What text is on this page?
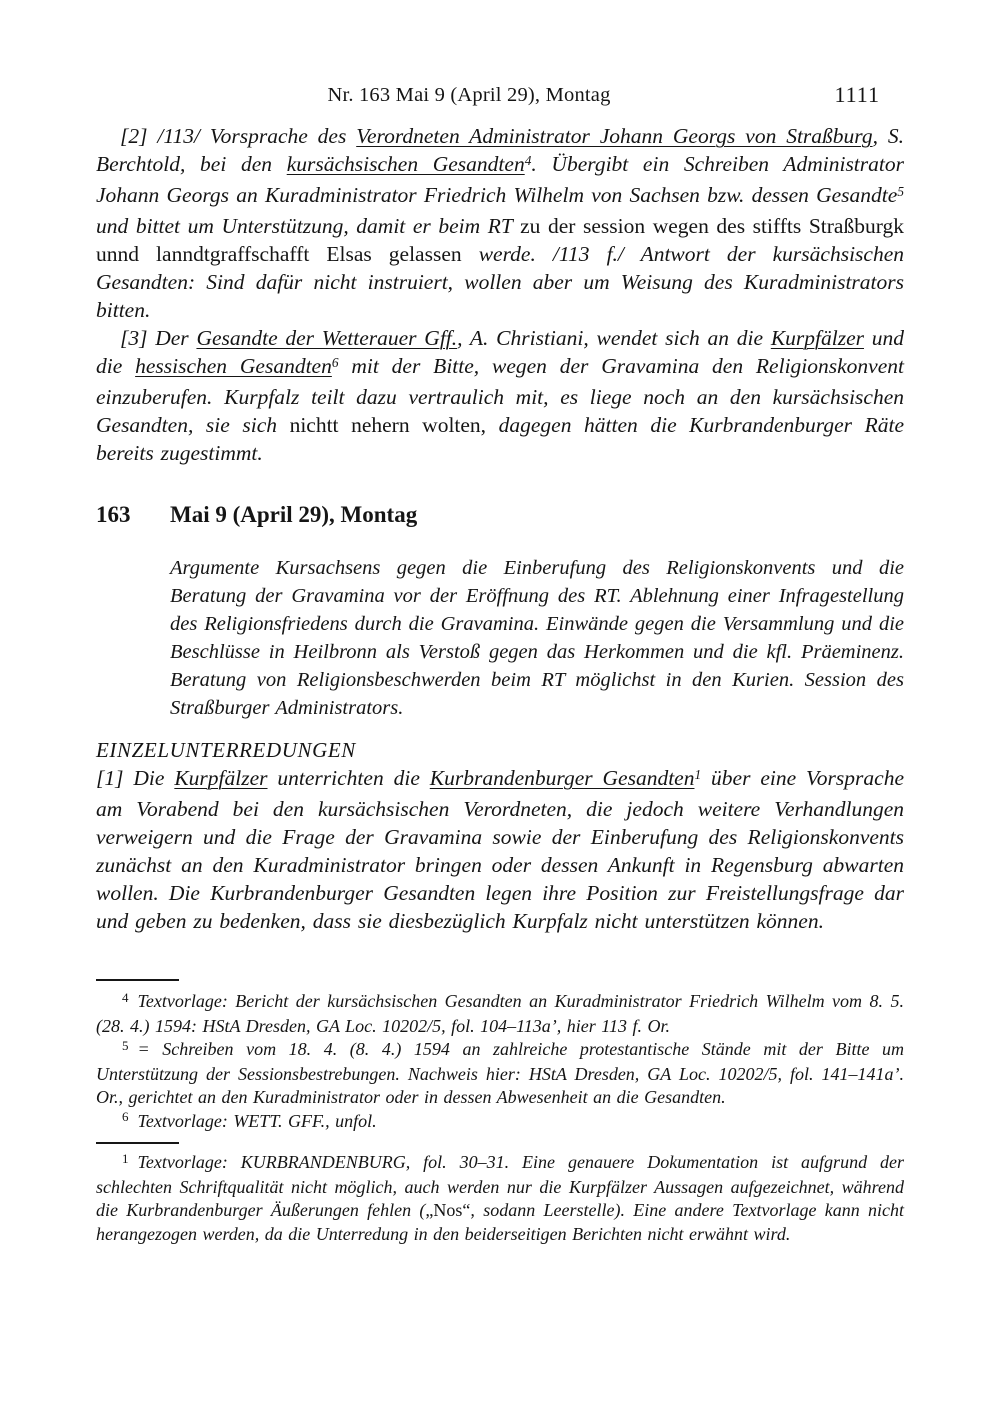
Nr. 163 Mai 9 (April 29), Montag	1111

[2] /113/ Vorsprache des Verordneten Administrator Johann Georgs von Straßburg, S. Berchtold, bei den kursächsischen Gesandten$^4$. Übergibt ein Schreiben Administrator Johann Georgs an Kuradministrator Friedrich Wilhelm von Sachsen bzw. dessen Gesandte$^5$ und bittet um Unterstützung, damit er beim RT zu der session wegen des stiffts Straßburgk unnd lanndtgraffschafft Elsas gelassen werde. /113 f./ Antwort der kursächsischen Gesandten: Sind dafür nicht instruiert, wollen aber um Weisung des Kuradministrators bitten.

[3] Der Gesandte der Wetterauer Gff., A. Christiani, wendet sich an die Kurpfälzer und die hessischen Gesandten$^6$ mit der Bitte, wegen der Gravamina den Religionskonvent einzuberufen. Kurpfalz teilt dazu vertraulich mit, es liege noch an den kursächsischen Gesandten, sie sich nichtt nehern wolten, dagegen hätten die Kurbrandenburger Räte bereits zugestimmt.

163	Mai 9 (April 29), Montag

Argumente Kursachsens gegen die Einberufung des Religionskonvents und die Beratung der Gravamina vor der Eröffnung des RT. Ablehnung einer Infragestellung des Religionsfriedens durch die Gravamina. Einwände gegen die Versammlung und die Beschlüsse in Heilbronn als Verstoß gegen das Herkommen und die kfl. Präeminenz. Beratung von Religionsbeschwerden beim RT möglichst in den Kurien. Session des Straßburger Administrators.

EINZELUNTERREDUNGEN

[1] Die Kurpfälzer unterrichten die Kurbrandenburger Gesandten$^1$ über eine Vorsprache am Vorabend bei den kursächsischen Verordneten, die jedoch weitere Verhandlungen verweigern und die Frage der Gravamina sowie der Einberufung des Religionskonvents zunächst an den Kuradministrator bringen oder dessen Ankunft in Regensburg abwarten wollen. Die Kurbrandenburger Gesandten legen ihre Position zur Freistellungsfrage dar und geben zu bedenken, dass sie diesbezüglich Kurpfalz nicht unterstützen können.

$^4$ Textvorlage: Bericht der kursächsischen Gesandten an Kuradministrator Friedrich Wilhelm vom 8. 5. (28. 4.) 1594: HStA Dresden, GA Loc. 10202/5, fol. 104–113a’, hier 113 f. Or.

$^5$ = Schreiben vom 18. 4. (8. 4.) 1594 an zahlreiche protestantische Stände mit der Bitte um Unterstützung der Sessionsbestrebungen. Nachweis hier: HStA Dresden, GA Loc. 10202/5, fol. 141–141a’. Or., gerichtet an den Kuradministrator oder in dessen Abwesenheit an die Gesandten.

$^6$ Textvorlage: WETT. GFF., unfol.

$^1$ Textvorlage: KURBRANDENBURG, fol. 30–31. Eine genauere Dokumentation ist aufgrund der schlechten Schriftqualität nicht möglich, auch werden nur die Kurpfälzer Aussagen aufgezeichnet, während die Kurbrandenburger Äußerungen fehlen („Nos“, sodann Leerstelle). Eine andere Textvorlage kann nicht herangezogen werden, da die Unterredung in den beiderseitigen Berichten nicht erwähnt wird.
